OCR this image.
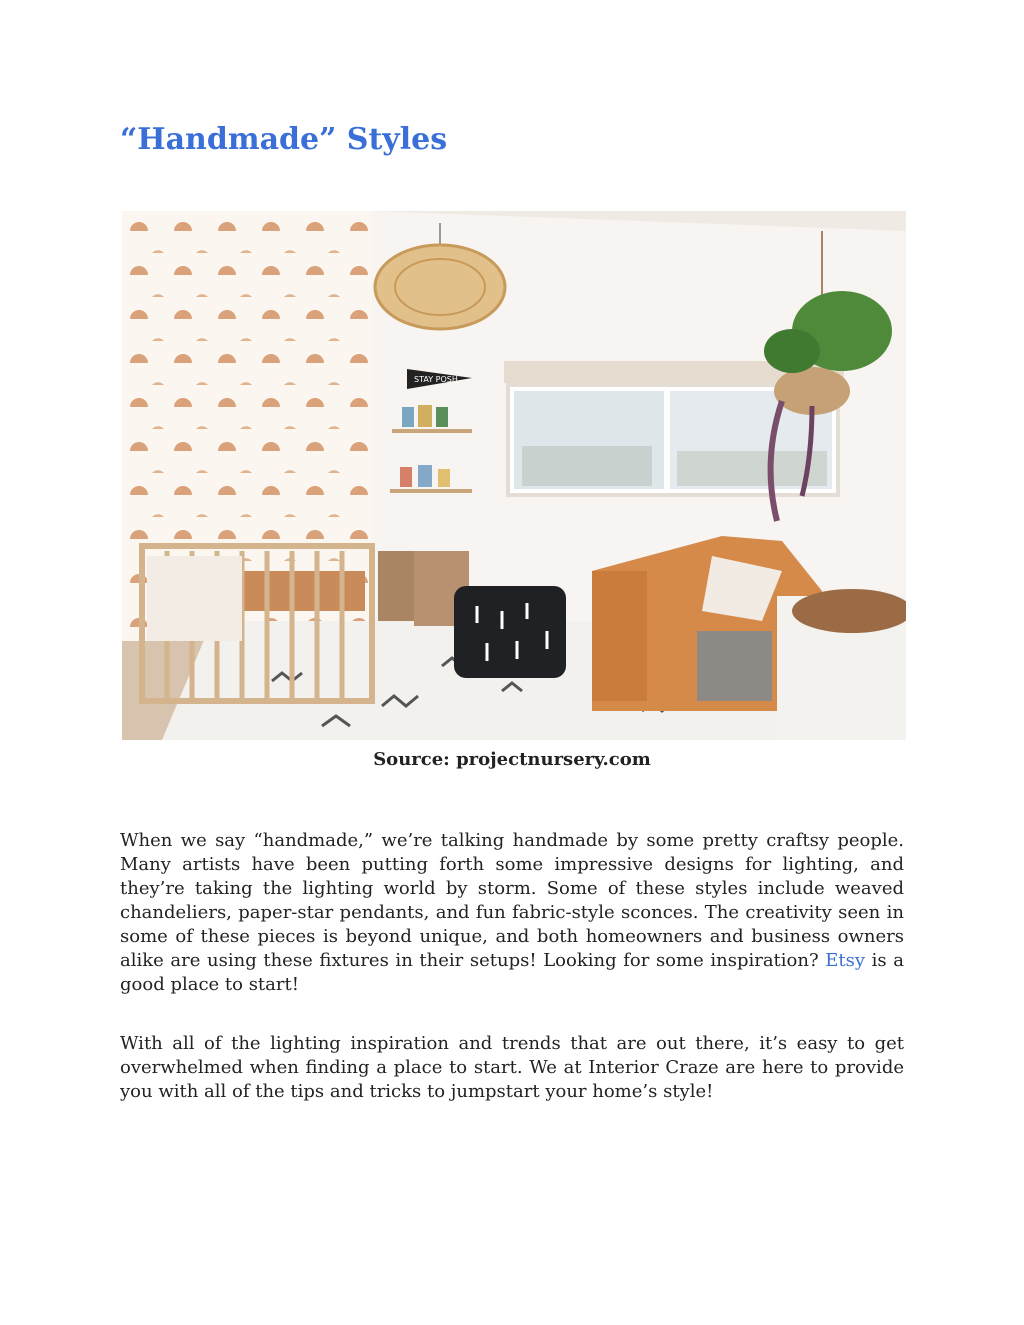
“Handmade” Styles
STAY POSH

Source: projectnursery.com

When we say “handmade,” we’re talking handmade by some pretty craftsy people. Many artists have been putting forth some impressive designs for lighting, and they’re taking the lighting world by storm. Some of these styles include weaved chandeliers, paper-star pendants, and fun fabric-style sconces. The creativity seen in some of these pieces is beyond unique, and both homeowners and business owners alike are using these fixtures in their setups! Looking for some inspiration? Etsy is a good place to start!

With all of the lighting inspiration and trends that are out there, it’s easy to get overwhelmed when finding a place to start. We at Interior Craze are here to provide you with all of the tips and tricks to jumpstart your home’s style!
